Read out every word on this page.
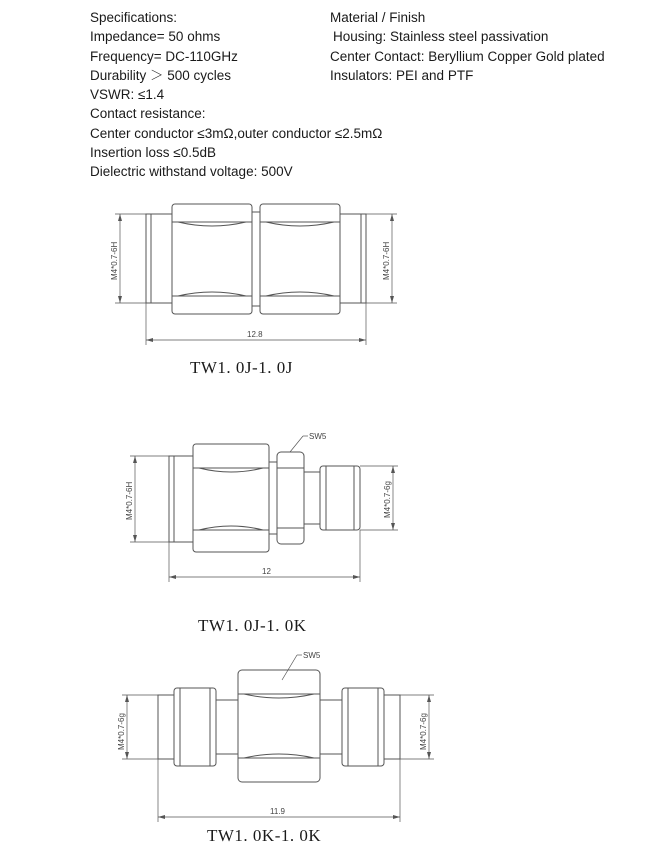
Specifications:
Impedance= 50 ohms
Frequency= DC-110GHz
Durability ＞ 500 cycles
VSWR: ≤1.4
Contact resistance:
Center conductor ≤3mΩ,outer conductor ≤2.5mΩ
Insertion loss ≤0.5dB
Dielectric withstand voltage: 500V
Material / Finish
Housing: Stainless steel passivation
Center Contact: Beryllium Copper Gold plated
Insulators: PEI and PTF
M4*0.7-6H	M4*0.7-6H
12.8
M4*0.7-6H	M4*0.7-6g
12
SW5
M4*0.7-6g	M4*0.7-6g
11.9
SW5
TW1. 0J-1. 0J
TW1. 0J-1. 0K
TW1. 0K-1. 0K
